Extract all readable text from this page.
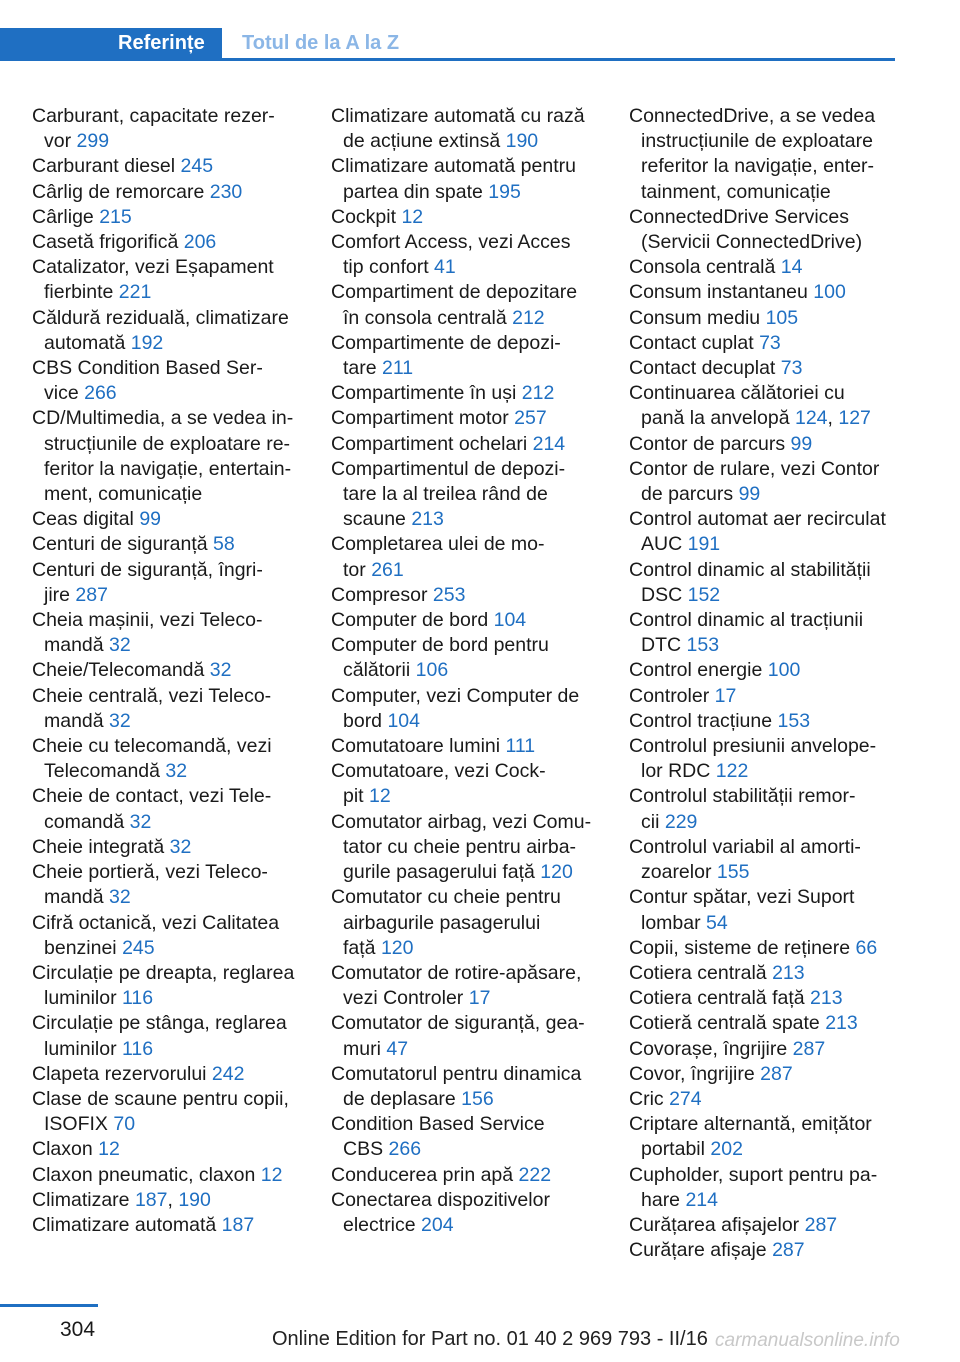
Referințe Totul de la A la Z
Carburant, capacitate rezer-
vor 299
Carburant diesel 245
Cârlig de remorcare 230
Cârlige 215
Casetă frigorifică 206
Catalizator, vezi Eșapament
fierbinte 221
Căldură reziduală, climatizare
automată 192
CBS Condition Based Ser-
vice 266
CD/Multimedia, a se vedea in-
strucțiunile de exploatare re-
feritor la navigație, entertain-
ment, comunicație
Ceas digital 99
Centuri de siguranță 58
Centuri de siguranță, îngri-
jire 287
Cheia mașinii, vezi Teleco-
mandă 32
Cheie/Telecomandă 32
Cheie centrală, vezi Teleco-
mandă 32
Cheie cu telecomandă, vezi
Telecomandă 32
Cheie de contact, vezi Tele-
comandă 32
Cheie integrată 32
Cheie portieră, vezi Teleco-
mandă 32
Cifră octanică, vezi Calitatea
benzinei 245
Circulație pe dreapta, reglarea
luminilor 116
Circulație pe stânga, reglarea
luminilor 116
Clapeta rezervorului 242
Clase de scaune pentru copii,
ISOFIX 70
Claxon 12
Claxon pneumatic, claxon 12
Climatizare 187, 190
Climatizare automată 187
Climatizare automată cu rază
de acțiune extinsă 190
Climatizare automată pentru
partea din spate 195
Cockpit 12
Comfort Access, vezi Acces
tip confort 41
Compartiment de depozitare
în consola centrală 212
Compartimente de depozi-
tare 211
Compartimente în uși 212
Compartiment motor 257
Compartiment ochelari 214
Compartimentul de depozi-
tare la al treilea rând de
scaune 213
Completarea ulei de mo-
tor 261
Compresor 253
Computer de bord 104
Computer de bord pentru
călătorii 106
Computer, vezi Computer de
bord 104
Comutatoare lumini 111
Comutatoare, vezi Cock-
pit 12
Comutator airbag, vezi Comu-
tator cu cheie pentru airba-
gurile pasagerului față 120
Comutator cu cheie pentru
airbagurile pasagerului
față 120
Comutator de rotire-apăsare,
vezi Controler 17
Comutator de siguranță, gea-
muri 47
Comutatorul pentru dinamica
de deplasare 156
Condition Based Service
CBS 266
Conducerea prin apă 222
Conectarea dispozitivelor
electrice 204
ConnectedDrive, a se vedea
instrucțiunile de exploatare
referitor la navigație, enter-
tainment, comunicație
ConnectedDrive Services
(Servicii ConnectedDrive)
Consola centrală 14
Consum instantaneu 100
Consum mediu 105
Contact cuplat 73
Contact decuplat 73
Continuarea călătoriei cu
pană la anvelopă 124, 127
Contor de parcurs 99
Contor de rulare, vezi Contor
de parcurs 99
Control automat aer recirculat
AUC 191
Control dinamic al stabilității
DSC 152
Control dinamic al tracțiunii
DTC 153
Control energie 100
Controler 17
Control tracțiune 153
Controlul presiunii anvelope-
lor RDC 122
Controlul stabilității remor-
cii 229
Controlul variabil al amorti-
zoarelor 155
Contur spătar, vezi Suport
lombar 54
Copii, sisteme de reținere 66
Cotiera centrală 213
Cotiera centrală față 213
Cotieră centrală spate 213
Covorașe, îngrijire 287
Covor, îngrijire 287
Cric 274
Criptare alternantă, emițător
portabil 202
Cupholder, suport pentru pa-
hare 214
Curățarea afișajelor 287
Curățare afișaje 287
304	Online Edition for Part no. 01 40 2 969 793 - II/16 carmanualsonline.info
